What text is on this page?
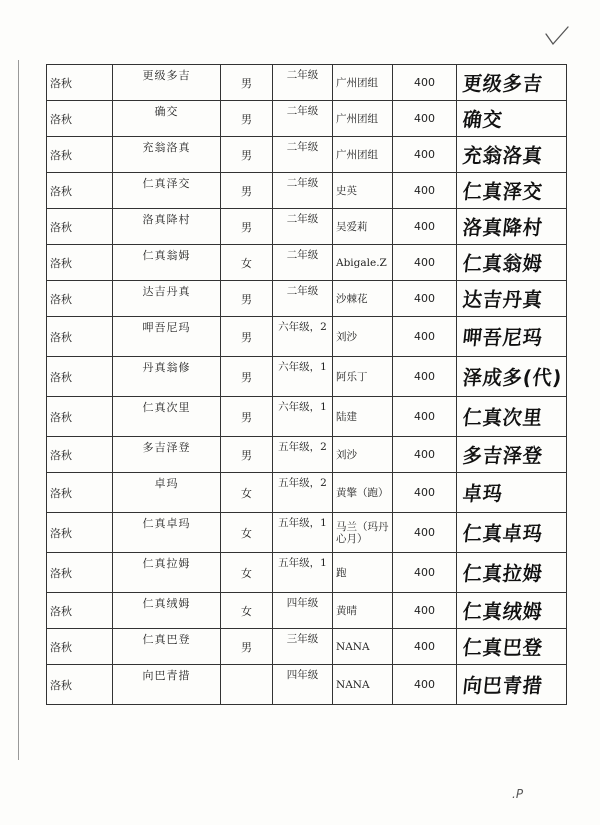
洛秋	更级多吉	男	二年级	广州团组	400	更级多吉
洛秋	确交	男	二年级	广州团组	400	确交
洛秋	充翁洛真	男	二年级	广州团组	400	充翁洛真
洛秋	仁真泽交	男	二年级	史英	400	仁真泽交
洛秋	洛真降村	男	二年级	吴爱莉	400	洛真降村
洛秋	仁真翁姆	女	二年级	Abigale.Z	400	仁真翁姆
洛秋	达吉丹真	男	二年级	沙棘花	400	达吉丹真
洛秋	呷吾尼玛	男	六年级，2	刘沙	400	呷吾尼玛
洛秋	丹真翁修	男	六年级，1	阿乐丁	400	泽成多(代)
洛秋	仁真次里	男	六年级，1	陆建	400	仁真次里
洛秋	多吉泽登	男	五年级，2	刘沙	400	多吉泽登
洛秋	卓玛	女	五年级，2	黄擎（跑）	400	卓玛
洛秋	仁真卓玛	女	五年级，1	马兰（玛丹心月）	400	仁真卓玛
洛秋	仁真拉姆	女	五年级，1	跑	400	仁真拉姆
洛秋	仁真绒姆	女	四年级	黄晴	400	仁真绒姆
洛秋	仁真巴登	男	三年级	NANA	400	仁真巴登
洛秋	向巴青措		四年级	NANA	400	向巴青措
.P
